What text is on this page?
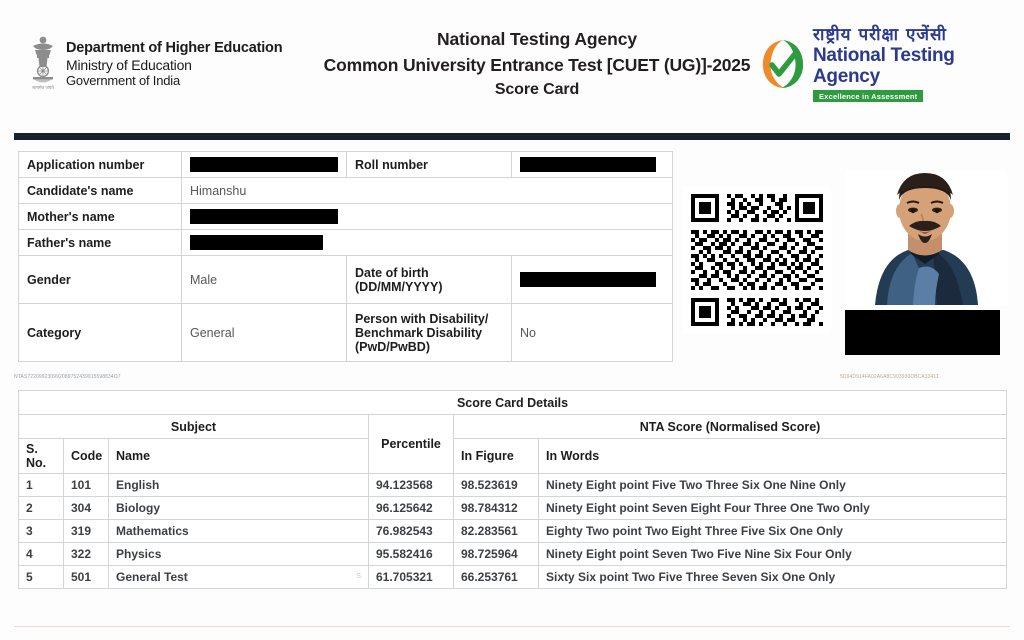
सत्यमेव जयते
Department of Higher Education
Ministry of Education
Government of India
National Testing Agency
Common University Entrance Test [CUET (UG)]-2025
Score Card
राष्ट्रीय परीक्षा एजेंसी
National Testing Agency
Excellence in Assessment
Application number		Roll number	
Candidate's name	Himanshu		
Mother's name			
Father's name			
Gender	Male	Date of birth (DD/MM/YYYY)	
Category	General	Person with Disability/ Benchmark Disability (PwD/PwBD)	No
NTAS722099230992089752439915598834O7	5D94D914FA02A6A8C903930DBCA33411
Score Card Details					
Subject			Percentile	NTA Score (Normalised Score)	
S. No.	Code	Name		In Figure	In Words
1	101	English	94.123568	98.523619	Ninety Eight point Five Two Three Six One Nine Only
2	304	Biology	96.125642	98.784312	Ninety Eight point Seven Eight Four Three One Two Only
3	319	Mathematics	76.982543	82.283561	Eighty Two point Two Eight Three Five Six One Only
4	322	Physics	95.582416	98.725964	Ninety Eight point Seven Two Five Nine Six Four Only
5	501	General Test s	61.705321	66.253761	Sixty Six point Two Five Three Seven Six One Only
